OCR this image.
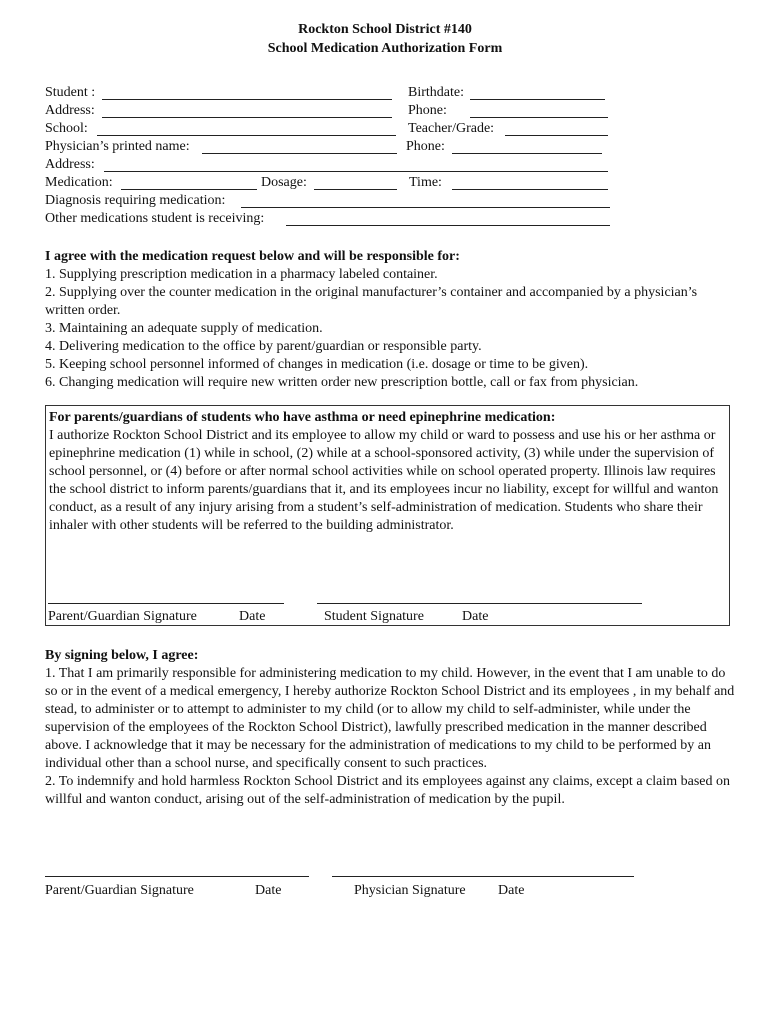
Rockton School District #140
School Medication Authorization Form
Student :	Birthdate:
Address:	Phone:
School:	Teacher/Grade:
Physician’s printed name:	Phone:
Address:
Medication:	Dosage:	Time:
Diagnosis requiring medication:
Other medications student is receiving:
I agree with the medication request below and will be responsible for:
1. Supplying prescription medication in a pharmacy labeled container.
2. Supplying over the counter medication in the original manufacturer’s container and accompanied by a physician’s written order.
3. Maintaining an adequate supply of medication.
4. Delivering medication to the office by parent/guardian or responsible party.
5. Keeping school personnel informed of changes in medication (i.e. dosage or time to be given).
6. Changing medication will require new written order new prescription bottle, call or fax from physician.
For parents/guardians of students who have asthma or need epinephrine medication:
I authorize Rockton School District and its employee to allow my child or ward to possess and use his or her asthma or epinephrine medication (1) while in school, (2) while at a school-sponsored activity, (3) while under the supervision of school personnel, or (4) before or after normal school activities while on school operated property. Illinois law requires the school district to inform parents/guardians that it, and its employees incur no liability, except for willful and wanton conduct, as a result of any injury arising from a student’s self-administration of medication. Students who share their inhaler with other students will be referred to the building administrator.
Parent/Guardian Signature	Date	Student Signature	Date
By signing below, I agree:
1. That I am primarily responsible for administering medication to my child. However, in the event that I am unable to do so or in the event of a medical emergency, I hereby authorize Rockton School District and its employees , in my behalf and stead, to administer or to attempt to administer to my child (or to allow my child to self-administer, while under the supervision of the employees of the Rockton School District), lawfully prescribed medication in the manner described above. I acknowledge that it may be necessary for the administration of medications to my child to be performed by an individual other than a school nurse, and specifically consent to such practices.
2. To indemnify and hold harmless Rockton School District and its employees against any claims, except a claim based on willful and wanton conduct, arising out of the self-administration of medication by the pupil.
Parent/Guardian Signature	Date	Physician Signature Date
